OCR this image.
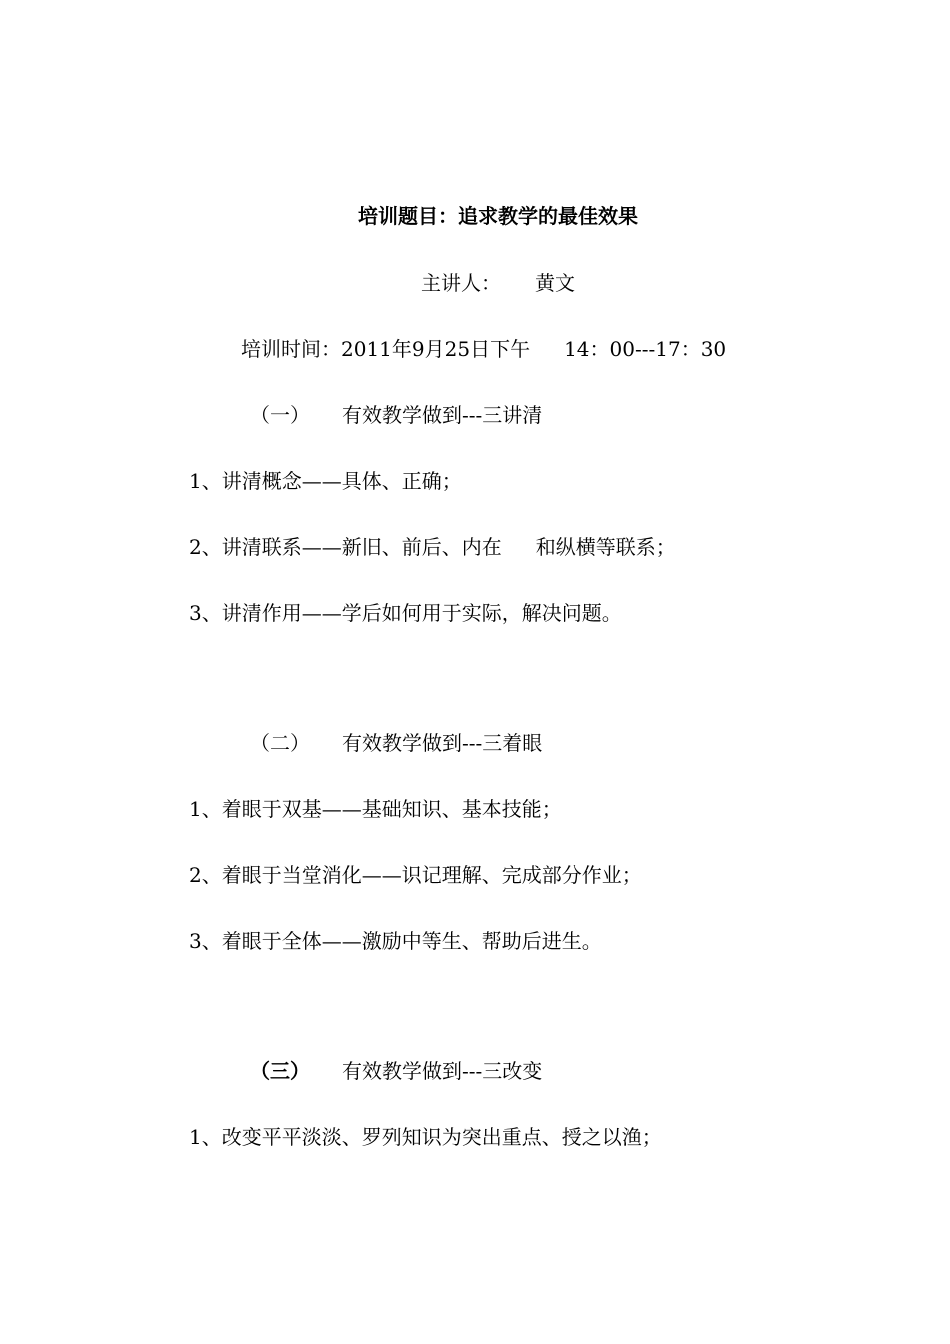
培训题目：追求教学的最佳效果
主讲人： 黄文
培训时间：2011年9月25日下午 14：00---17：30
（一） 有效教学做到---三讲清
1、讲清概念——具体、正确；
2、讲清联系——新旧、前后、内在 和纵横等联系；
3、讲清作用——学后如何用于实际，解决问题。
（二） 有效教学做到---三着眼
1、着眼于双基——基础知识、基本技能；
2、着眼于当堂消化——识记理解、完成部分作业；
3、着眼于全体——激励中等生、帮助后进生。
（三） 有效教学做到---三改变
1、改变平平淡淡、罗列知识为突出重点、授之以渔；
